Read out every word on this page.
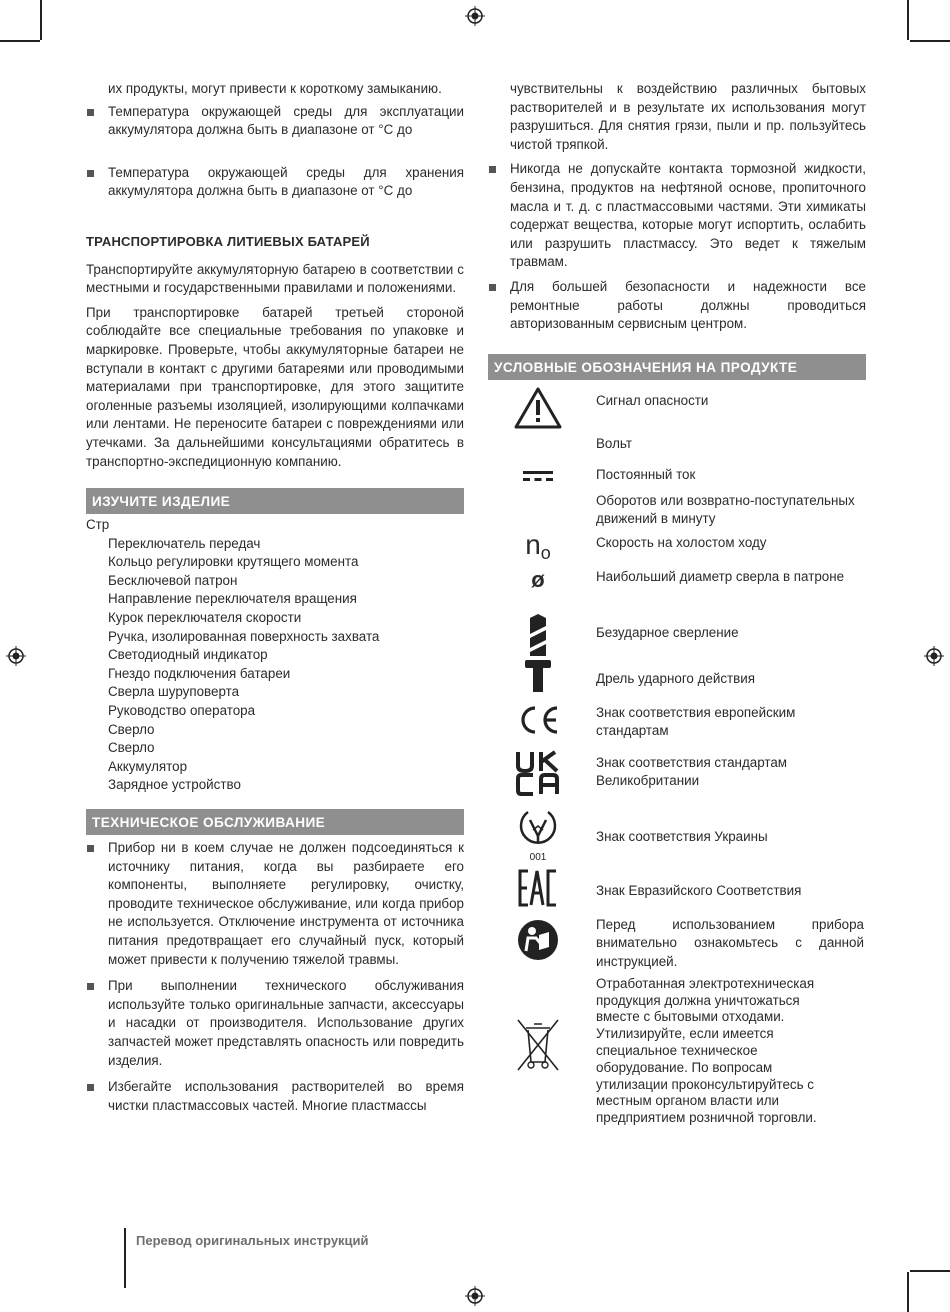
их продукты, могут привести к короткому замыканию.

Температура окружающей среды для эксплуатации аккумулятора должна быть в диапазоне от °С до

Температура окружающей среды для хранения аккумулятора должна быть в диапазоне от °С до

ТРАНСПОРТИРОВКА ЛИТИЕВЫХ БАТАРЕЙ

Транспортируйте аккумуляторную батарею в соответствии с местными и государственными правилами и положениями.

При транспортировке батарей третьей стороной соблюдайте все специальные требования по упаковке и маркировке. Проверьте, чтобы аккумуляторные батареи не вступали в контакт с другими батареями или проводимыми материалами при транспортировке, для этого защитите оголенные разъемы изоляцией, изолирующими колпачками или лентами. Не переносите батареи с повреждениями или утечками. За дальнейшими консультациями обратитесь в транспортно-экспедиционную компанию.

ИЗУЧИТЕ ИЗДЕЛИЕ

Стр

Переключатель передач
Кольцо регулировки крутящего момента
Бесключевой патрон
Направление переключателя вращения
Курок переключателя скорости
Ручка, изолированная поверхность захвата
Светодиодный индикатор
Гнездо подключения батареи
Сверла шуруповерта
Руководство оператора
Сверло
Сверло
Аккумулятор
Зарядное устройство
ТЕХНИЧЕСКОЕ ОБСЛУЖИВАНИЕ

Прибор ни в коем случае не должен подсоединяться к источнику питания, когда вы разбираете его компоненты, выполняете регулировку, очистку, проводите техническое обслуживание, или когда прибор не используется. Отключение инструмента от источника питания предотвращает его случайный пуск, который может привести к получению тяжелой травмы.

При выполнении технического обслуживания используйте только оригинальные запчасти, аксессуары и насадки от производителя. Использование других запчастей может представлять опасность или повредить изделия.

Избегайте использования растворителей во время чистки пластмассовых частей. Многие пластмассы

чувствительны к воздействию различных бытовых растворителей и в результате их использования могут разрушиться. Для снятия грязи, пыли и пр. пользуйтесь чистой тряпкой.

Никогда не допускайте контакта тормозной жидкости, бензина, продуктов на нефтяной основе, пропиточного масла и т. д. с пластмассовыми частями. Эти химикаты содержат вещества, которые могут испортить, ослабить или разрушить пластмассу. Это ведет к тяжелым травмам.

Для большей безопасности и надежности все ремонтные работы должны проводиться авторизованным сервисным центром.

УСЛОВНЫЕ ОБОЗНАЧЕНИЯ НА ПРОДУКТЕ
Сигнал опасности
Вольт
Постоянный ток
Оборотов или возвратно-поступательных движений в минуту
n o
Скорость на холостом ходу
ø	Наибольший диаметр сверла в патроне
Безударное сверление
Дрель ударного действия
Знак соответствия европейским стандартам
Знак соответствия стандартам Великобритании
001
Знак соответствия Украины
Знак Евразийского Соответствия
Перед использованием прибора внимательно ознакомьтесь с данной инструкцией.
Отработанная электротехническая продукция должна уничтожаться вместе с бытовыми отходами. Утилизируйте, если имеется специальное техническое оборудование. По вопросам утилизации проконсультируйтесь с местным органом власти или предприятием розничной торговли.
Перевод оригинальных инструкций
